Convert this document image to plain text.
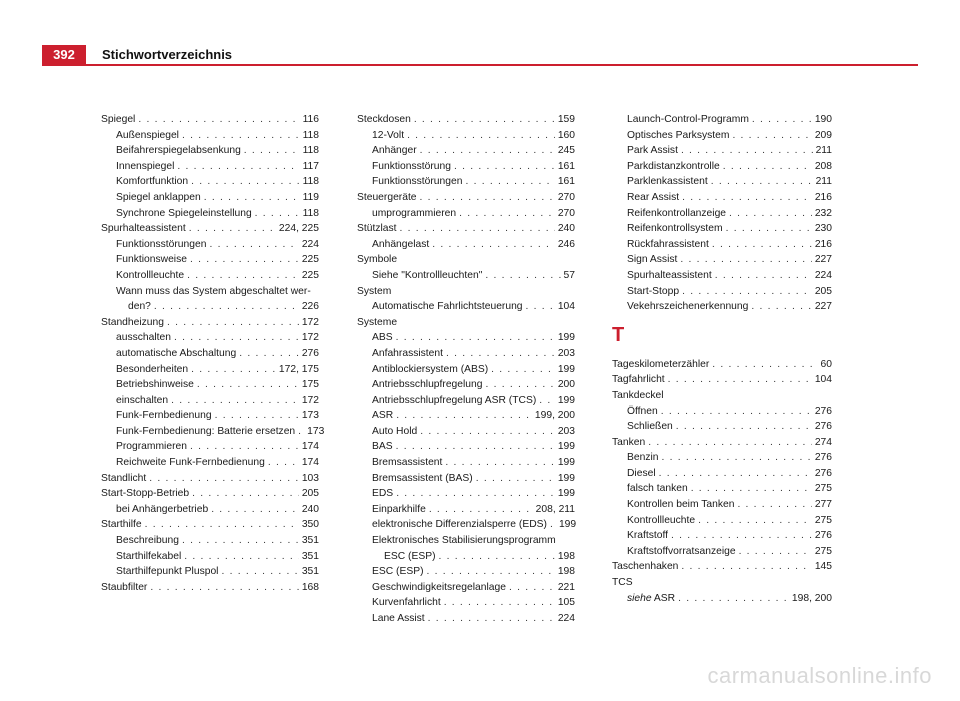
392	Stichwortverzeichnis
Spiegel . . .	116
Außenspiegel . . .	118
Beifahrerspiegelabsenkung . . .	118
Innenspiegel . . .	117
Komfortfunktion . . .	118
Spiegel anklappen . . .	119
Synchrone Spiegeleinstellung . . .	118
Spurhalteassistent . . .	224, 225
Funktionsstörungen . . .	224
Funktionsweise . . .	225
Kontrollleuchte . . .	225
Wann muss das System abgeschaltet wer-
den? . . .	226
Standheizung . . .	172
ausschalten . . .	172
automatische Abschaltung . . .	276
Besonderheiten . . .	172, 175
Betriebshinweise . . .	175
einschalten . . .	172
Funk-Fernbedienung . . .	173
Funk-Fernbedienung: Batterie ersetzen . . . 173
Programmieren . . .	174
Reichweite Funk-Fernbedienung . . .	174
Standlicht . . .	103
Start-Stopp-Betrieb . . .	205
bei Anhängerbetrieb . . .	240
Starthilfe . . .	350
Beschreibung . . .	351
Starthilfekabel . . .	351
Starthilfepunkt Pluspol . . .	351
Staubfilter . . .	168
Steckdosen . . .	159
12-Volt . . .	160
Anhänger . . .	245
Funktionsstörung . . .	161
Funktionsstörungen . . .	161
Steuergeräte . . .	270
umprogrammieren . . .	270
Stützlast . . .	240
Anhängelast . . .	246
Symbole
Siehe "Kontrollleuchten" . . .	57
System
Automatische Fahrlichtsteuerung . . .	104
Systeme
ABS . . .	199
Anfahrassistent . . .	203
Antiblockiersystem (ABS) . . .	199
Antriebsschlupfregelung . . .	200
Antriebsschlupfregelung ASR (TCS) . . . 199
ASR . . .	199, 200
Auto Hold . . .	203
BAS . . .	199
Bremsassistent . . .	199
Bremsassistent (BAS) . . .	199
EDS . . .	199
Einparkhilfe . . .	208, 211
elektronische Differenzialsperre (EDS) . . . 199
Elektronisches Stabilisierungsprogramm
ESC (ESP) . . .	198
ESC (ESP) . . .	198
Geschwindigkeitsregelanlage . . .	221
Kurvenfahrlicht . . .	105
Lane Assist . . .	224
Launch-Control-Programm . . .	190
Optisches Parksystem . . .	209
Park Assist . . .	211
Parkdistanzkontrolle . . .	208
Parklenkassistent . . .	211
Rear Assist . . .	216
Reifenkontrollanzeige . . .	232
Reifenkontrollsystem . . .	230
Rückfahrassistent . . .	216
Sign Assist . . .	227
Spurhalteassistent . . .	224
Start-Stopp . . .	205
Vekehrszeichenerkennung . . .	227
T
Tageskilometerzähler . . .	60
Tagfahrlicht . . .	104
Tankdeckel
Öffnen . . .	276
Schließen . . .	276
Tanken . . .	274
Benzin . . .	276
Diesel . . .	276
falsch tanken . . .	275
Kontrollen beim Tanken . . .	277
Kontrollleuchte . . .	275
Kraftstoff . . .	276
Kraftstoffvorratsanzeige . . .	275
Taschenhaken . . .	145
TCS
siehe ASR . . .	198, 200
carmanualsonline.info
